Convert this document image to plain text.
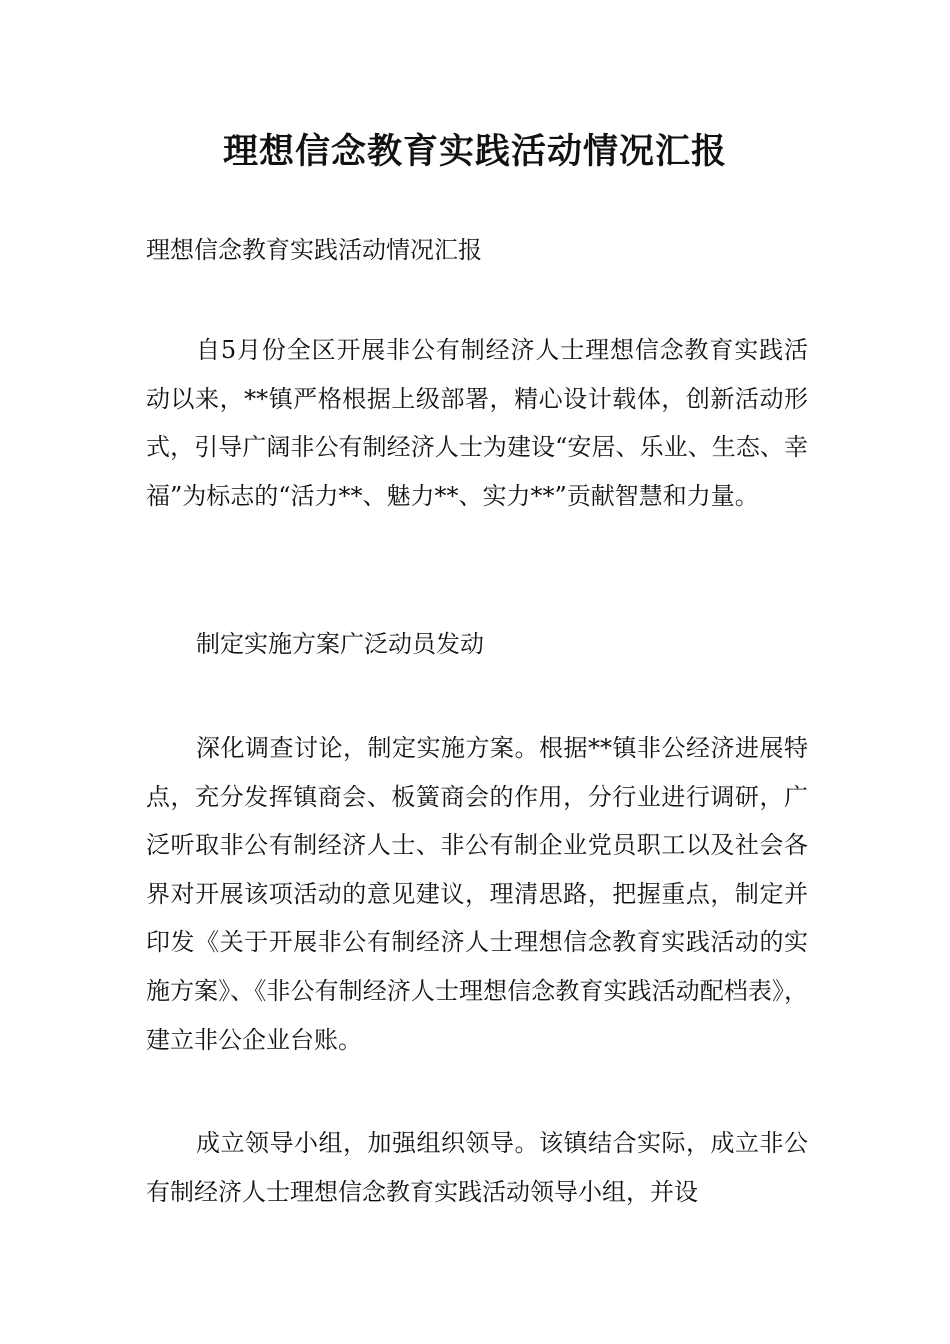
理想信念教育实践活动情况汇报

理想信念教育实践活动情况汇报

自5月份全区开展非公有制经济人士理想信念教育实践活动以来，**镇严格根据上级部署，精心设计载体，创新活动形式，引导广阔非公有制经济人士为建设“安居、乐业、生态、幸福”为标志的“活力**、魅力**、实力**”贡献智慧和力量。

制定实施方案广泛动员发动

深化调查讨论，制定实施方案。根据**镇非公经济进展特点，充分发挥镇商会、板簧商会的作用，分行业进行调研，广泛听取非公有制经济人士、非公有制企业党员职工以及社会各界对开展该项活动的意见建议，理清思路，把握重点，制定并印发《关于开展非公有制经济人士理想信念教育实践活动的实施方案》、《非公有制经济人士理想信念教育实践活动配档表》，建立非公企业台账。

成立领导小组，加强组织领导。该镇结合实际，成立非公有制经济人士理想信念教育实践活动领导小组，并设
